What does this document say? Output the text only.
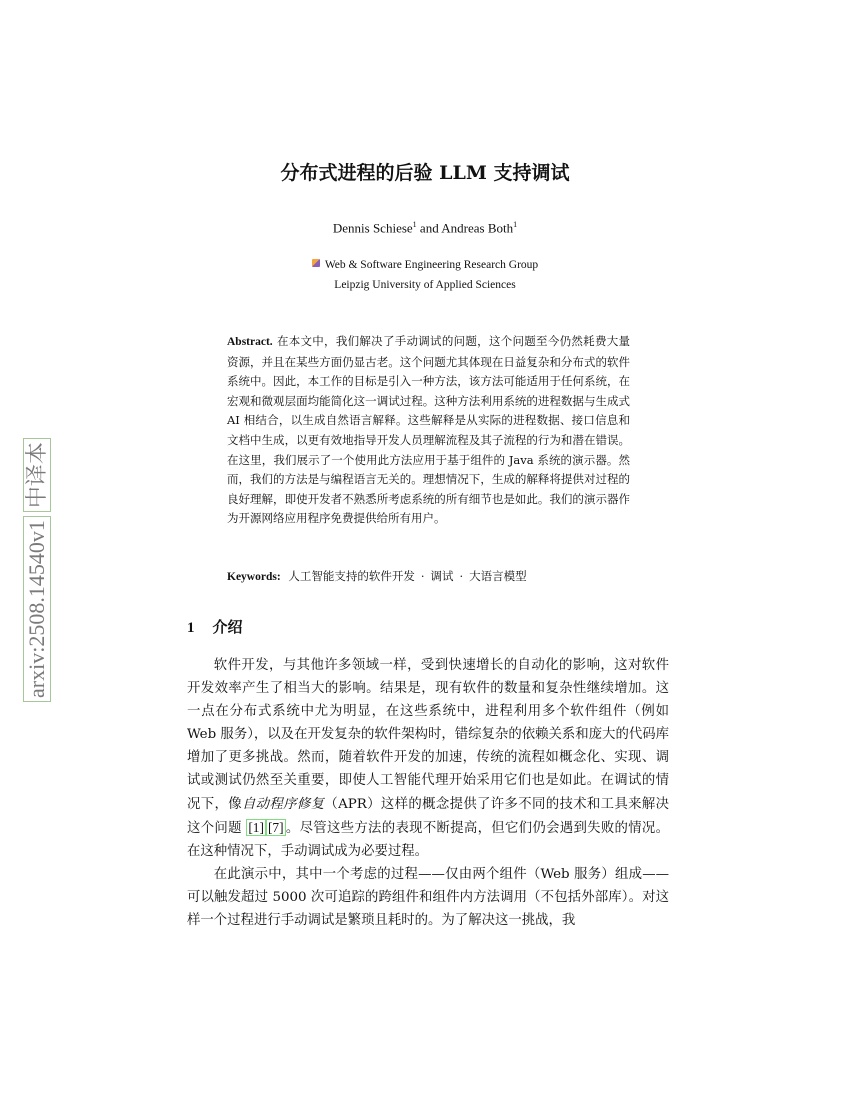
arxiv:2508.14540v1
中译本
分布式进程的后验 LLM 支持调试
Dennis Schiese$^1$ and Andreas Both$^1$
Web & Software Engineering Research Group
Leipzig University of Applied Sciences

Abstract. 在本文中，我们解决了手动调试的问题，这个问题至今仍然耗费大量资源，并且在某些方面仍显古老。这个问题尤其体现在日益复杂和分布式的软件系统中。因此，本工作的目标是引入一种方法，该方法可能适用于任何系统，在宏观和微观层面均能简化这一调试过程。这种方法利用系统的进程数据与生成式 AI 相结合，以生成自然语言解释。这些解释是从实际的进程数据、接口信息和文档中生成，以更有效地指导开发人员理解流程及其子流程的行为和潜在错误。在这里，我们展示了一个使用此方法应用于基于组件的 Java 系统的演示器。然而，我们的方法是与编程语言无关的。理想情况下，生成的解释将提供对过程的良好理解，即使开发者不熟悉所考虑系统的所有细节也是如此。我们的演示器作为开源网络应用程序免费提供给所有用户。

Keywords: 人工智能支持的软件开发 · 调试 · 大语言模型
1 介绍

软件开发，与其他许多领域一样，受到快速增长的自动化的影响，这对软件开发效率产生了相当大的影响。结果是，现有软件的数量和复杂性继续增加。这一点在分布式系统中尤为明显，在这些系统中，进程利用多个软件组件（例如 Web 服务），以及在开发复杂的软件架构时，错综复杂的依赖关系和庞大的代码库增加了更多挑战。然而，随着软件开发的加速，传统的流程如概念化、实现、调试或测试仍然至关重要，即使人工智能代理开始采用它们也是如此。在调试的情况下，像自动程序修复（APR）这样的概念提供了许多不同的技术和工具来解决这个问题 [1] [7] 。尽管这些方法的表现不断提高，但它们仍会遇到失败的情况。在这种情况下，手动调试成为必要过程。

在此演示中，其中一个考虑的过程——仅由两个组件（Web 服务）组成——可以触发超过 5000 次可追踪的跨组件和组件内方法调用（不包括外部库）。对这样一个过程进行手动调试是繁琐且耗时的。为了解决这一挑战，我
